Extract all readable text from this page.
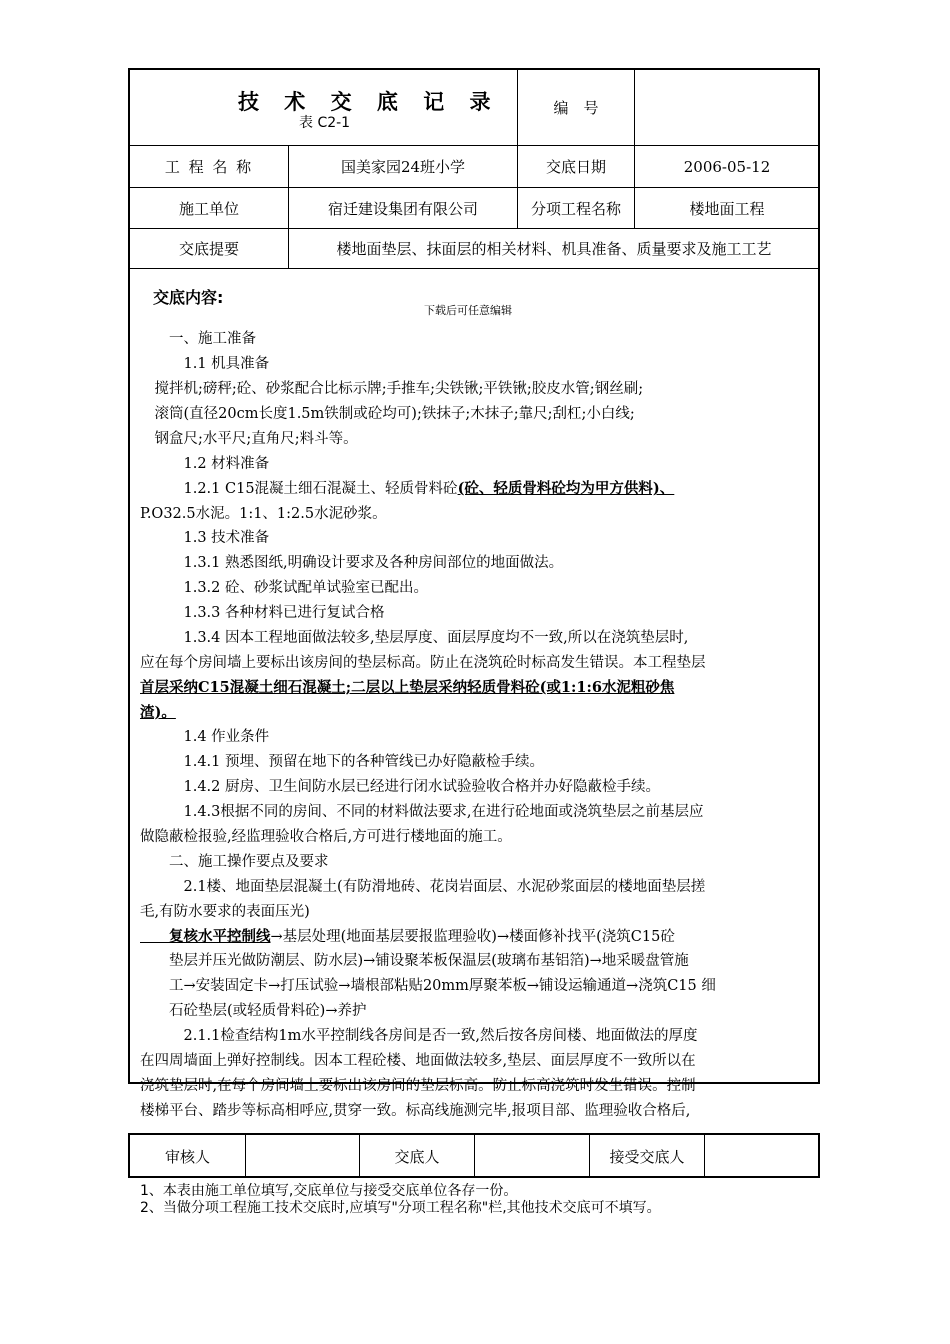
技 术 交 底 记 录
表 C2-1
编　号
工 程 名 称	国美家园24班小学	交底日期	2006-05-12
施工单位	宿迁建设集团有限公司	分项工程名称	楼地面工程
交底提要	楼地面垫层、抹面层的相关材料、机具准备、质量要求及施工工艺
交底内容:
下载后可任意编辑
　　一、施工准备
　　　1.1 机具准备
　搅拌机;磅秤;砼、砂浆配合比标示牌;手推车;尖铁锹;平铁锹;胶皮水管;钢丝刷;
　滚筒(直径20cm长度1.5m铁制或砼均可);铁抹子;木抹子;靠尺;刮杠;小白线;
　钢盒尺;水平尺;直角尺;料斗等。
　　　1.2 材料准备
　　　1.2.1 C15混凝土细石混凝土、轻质骨料砼(砼、轻质骨料砼均为甲方供料)、
P.O32.5水泥。1:1、1:2.5水泥砂浆。
　　　1.3 技术准备
　　　1.3.1 熟悉图纸,明确设计要求及各种房间部位的地面做法。
　　　1.3.2 砼、砂浆试配单试验室已配出。
　　　1.3.3 各种材料已进行复试合格
　　　1.3.4 因本工程地面做法较多,垫层厚度、面层厚度均不一致,所以在浇筑垫层时,
应在每个房间墙上要标出该房间的垫层标高。防止在浇筑砼时标高发生错误。本工程垫层
首层采纳C15混凝土细石混凝土;二层以上垫层采纳轻质骨料砼(或1:1:6水泥粗砂焦
渣)。
　　　1.4 作业条件
　　　1.4.1 预埋、预留在地下的各种管线已办好隐蔽检手续。
　　　1.4.2 厨房、卫生间防水层已经进行闭水试验验收合格并办好隐蔽检手续。
　　　1.4.3根据不同的房间、不同的材料做法要求,在进行砼地面或浇筑垫层之前基层应
做隐蔽检报验,经监理验收合格后,方可进行楼地面的施工。
　　二、施工操作要点及要求
　　　2.1楼、地面垫层混凝土(有防滑地砖、花岗岩面层、水泥砂浆面层的楼地面垫层搓
毛,有防水要求的表面压光)
　　复核水平控制线→基层处理(地面基层要报监理验收)→楼面修补找平(浇筑C15砼
　　垫层并压光做防潮层、防水层)→铺设聚苯板保温层(玻璃布基铝箔)→地采暖盘管施
　　工→安装固定卡→打压试验→墙根部粘贴20mm厚聚苯板→铺设运输通道→浇筑C15 细
　　石砼垫层(或轻质骨料砼)→养护
　　　2.1.1检查结构1m水平控制线各房间是否一致,然后按各房间楼、地面做法的厚度
在四周墙面上弹好控制线。因本工程砼楼、地面做法较多,垫层、面层厚度不一致所以在
浇筑垫层时,在每个房间墙上要标出该房间的垫层标高。防止标高浇筑时发生错误。控制
楼梯平台、踏步等标高相呼应,贯穿一致。标高线施测完毕,报项目部、监理验收合格后,
审核人	交底人	接受交底人
1、本表由施工单位填写,交底单位与接受交底单位各存一份。
2、当做分项工程施工技术交底时,应填写"分项工程名称"栏,其他技术交底可不填写。
